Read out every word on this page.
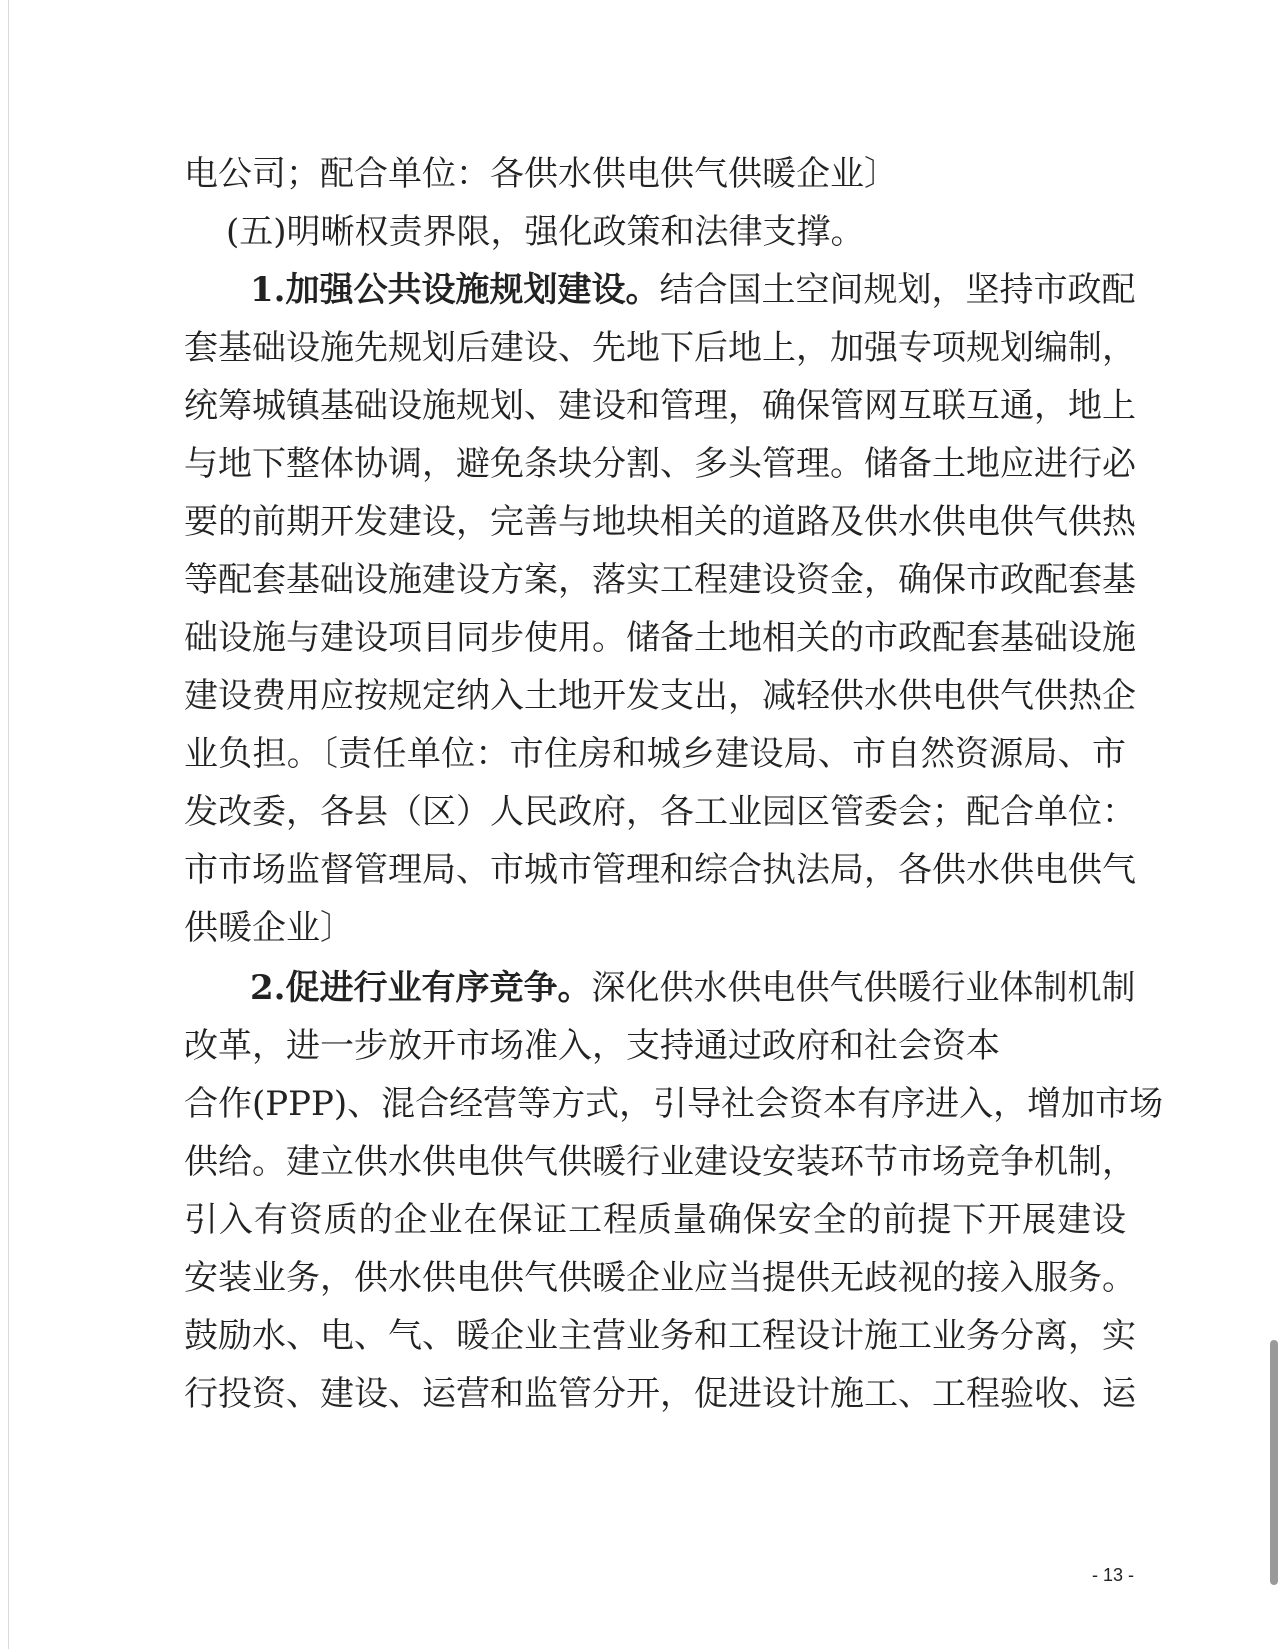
电公司；配合单位：各供水供电供气供暖企业〕
(五)明晰权责界限，强化政策和法律支撑。
1.加强公共设施规划建设。结合国土空间规划，坚持市政配
套基础设施先规划后建设、先地下后地上，加强专项规划编制，
统筹城镇基础设施规划、建设和管理，确保管网互联互通，地上
与地下整体协调，避免条块分割、多头管理。储备土地应进行必
要的前期开发建设，完善与地块相关的道路及供水供电供气供热
等配套基础设施建设方案，落实工程建设资金，确保市政配套基
础设施与建设项目同步使用。储备土地相关的市政配套基础设施
建设费用应按规定纳入土地开发支出，减轻供水供电供气供热企
业负担。〔责任单位：市住房和城乡建设局、市自然资源局、市
发改委，各县（区）人民政府，各工业园区管委会；配合单位：
市市场监督管理局、市城市管理和综合执法局，各供水供电供气
供暖企业〕
2.促进行业有序竞争。深化供水供电供气供暖行业体制机制
改革，进一步放开市场准入，支持通过政府和社会资本
合作(PPP)、混合经营等方式，引导社会资本有序进入，增加市场
供给。建立供水供电供气供暖行业建设安装环节市场竞争机制，
引入有资质的企业在保证工程质量确保安全的前提下开展建设
安装业务，供水供电供气供暖企业应当提供无歧视的接入服务。
鼓励水、电、气、暖企业主营业务和工程设计施工业务分离，实
行投资、建设、运营和监管分开，促进设计施工、工程验收、运
- 13 -
